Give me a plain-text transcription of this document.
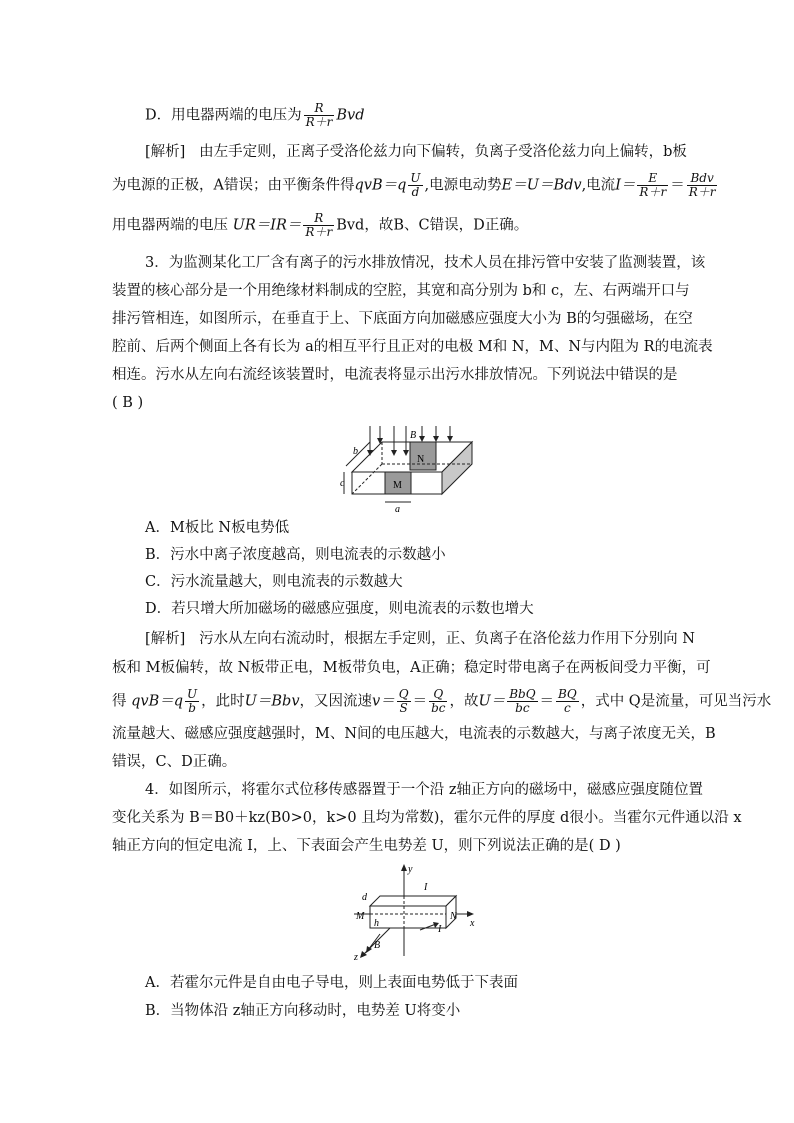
D．用电器两端的电压为 $\frac{R}{R+r}$ Bvd
[解析] 由左手定则，正离子受洛伦兹力向下偏转，负离子受洛伦兹力向上偏转，b板
为电源的正极，A错误；由平衡条件得$qvB=q \frac{U}{d}$ ,电源电动势E＝U＝Bdv,电流$I= \frac{E}{R+r} = \frac{\text{Bdv}}{R+r}$
用电器两端的电压 $UR=IR= \frac{R}{R+r}$ Bvd，故B、C错误，D正确。
3．为监测某化工厂含有离子的污水排放情况，技术人员在排污管中安装了监测装置，该
装置的核心部分是一个用绝缘材料制成的空腔，其宽和高分别为 b和 c，左、右两端开口与
排污管相连，如图所示，在垂直于上、下底面方向加磁感应强度大小为 B的匀强磁场，在空
腔前、后两个侧面上各有长为 a的相互平行且正对的电极 M和 N，M、N与内阻为 R的电流表
相连。污水从左向右流经该装置时，电流表将显示出污水排放情况。下列说法中错误的是
( B )
B
N
M
b
c
a
A．M板比 N板电势低
B．污水中离子浓度越高，则电流表的示数越小
C．污水流量越大，则电流表的示数越大
D．若只增大所加磁场的磁感应强度，则电流表的示数也增大
[解析] 污水从左向右流动时，根据左手定则，正、负离子在洛伦兹力作用下分别向 N
板和 M板偏转，故 N板带正电，M板带负电，A正确；稳定时带电离子在两板间受力平衡，可
得 $qvB=q \frac{U}{b}$ ，此时U＝Bbv，又因流速$v= \frac{Q}{S} = \frac{Q}{bc}$ ，故$U= \frac{\text{BbQ}}{bc} = \frac{BQ}{c}$ ，式中 Q是流量，可见当污水
流量越大、磁感应强度越强时，M、N间的电压越大，电流表的示数越大，与离子浓度无关，B
错误，C、D正确。
4．如图所示，将霍尔式位移传感器置于一个沿 z轴正方向的磁场中，磁感应强度随位置
变化关系为 B＝B0＋kz(B0>0，k>0 且均为常数)，霍尔元件的厚度 d很小。当霍尔元件通以沿 x
轴正方向的恒定电流 I，上、下表面会产生电势差 U，则下列说法正确的是( D )
y
d
I
M	N
h
I
x
z
B
A．若霍尔元件是自由电子导电，则上表面电势低于下表面
B．当物体沿 z轴正方向移动时，电势差 U将变小
